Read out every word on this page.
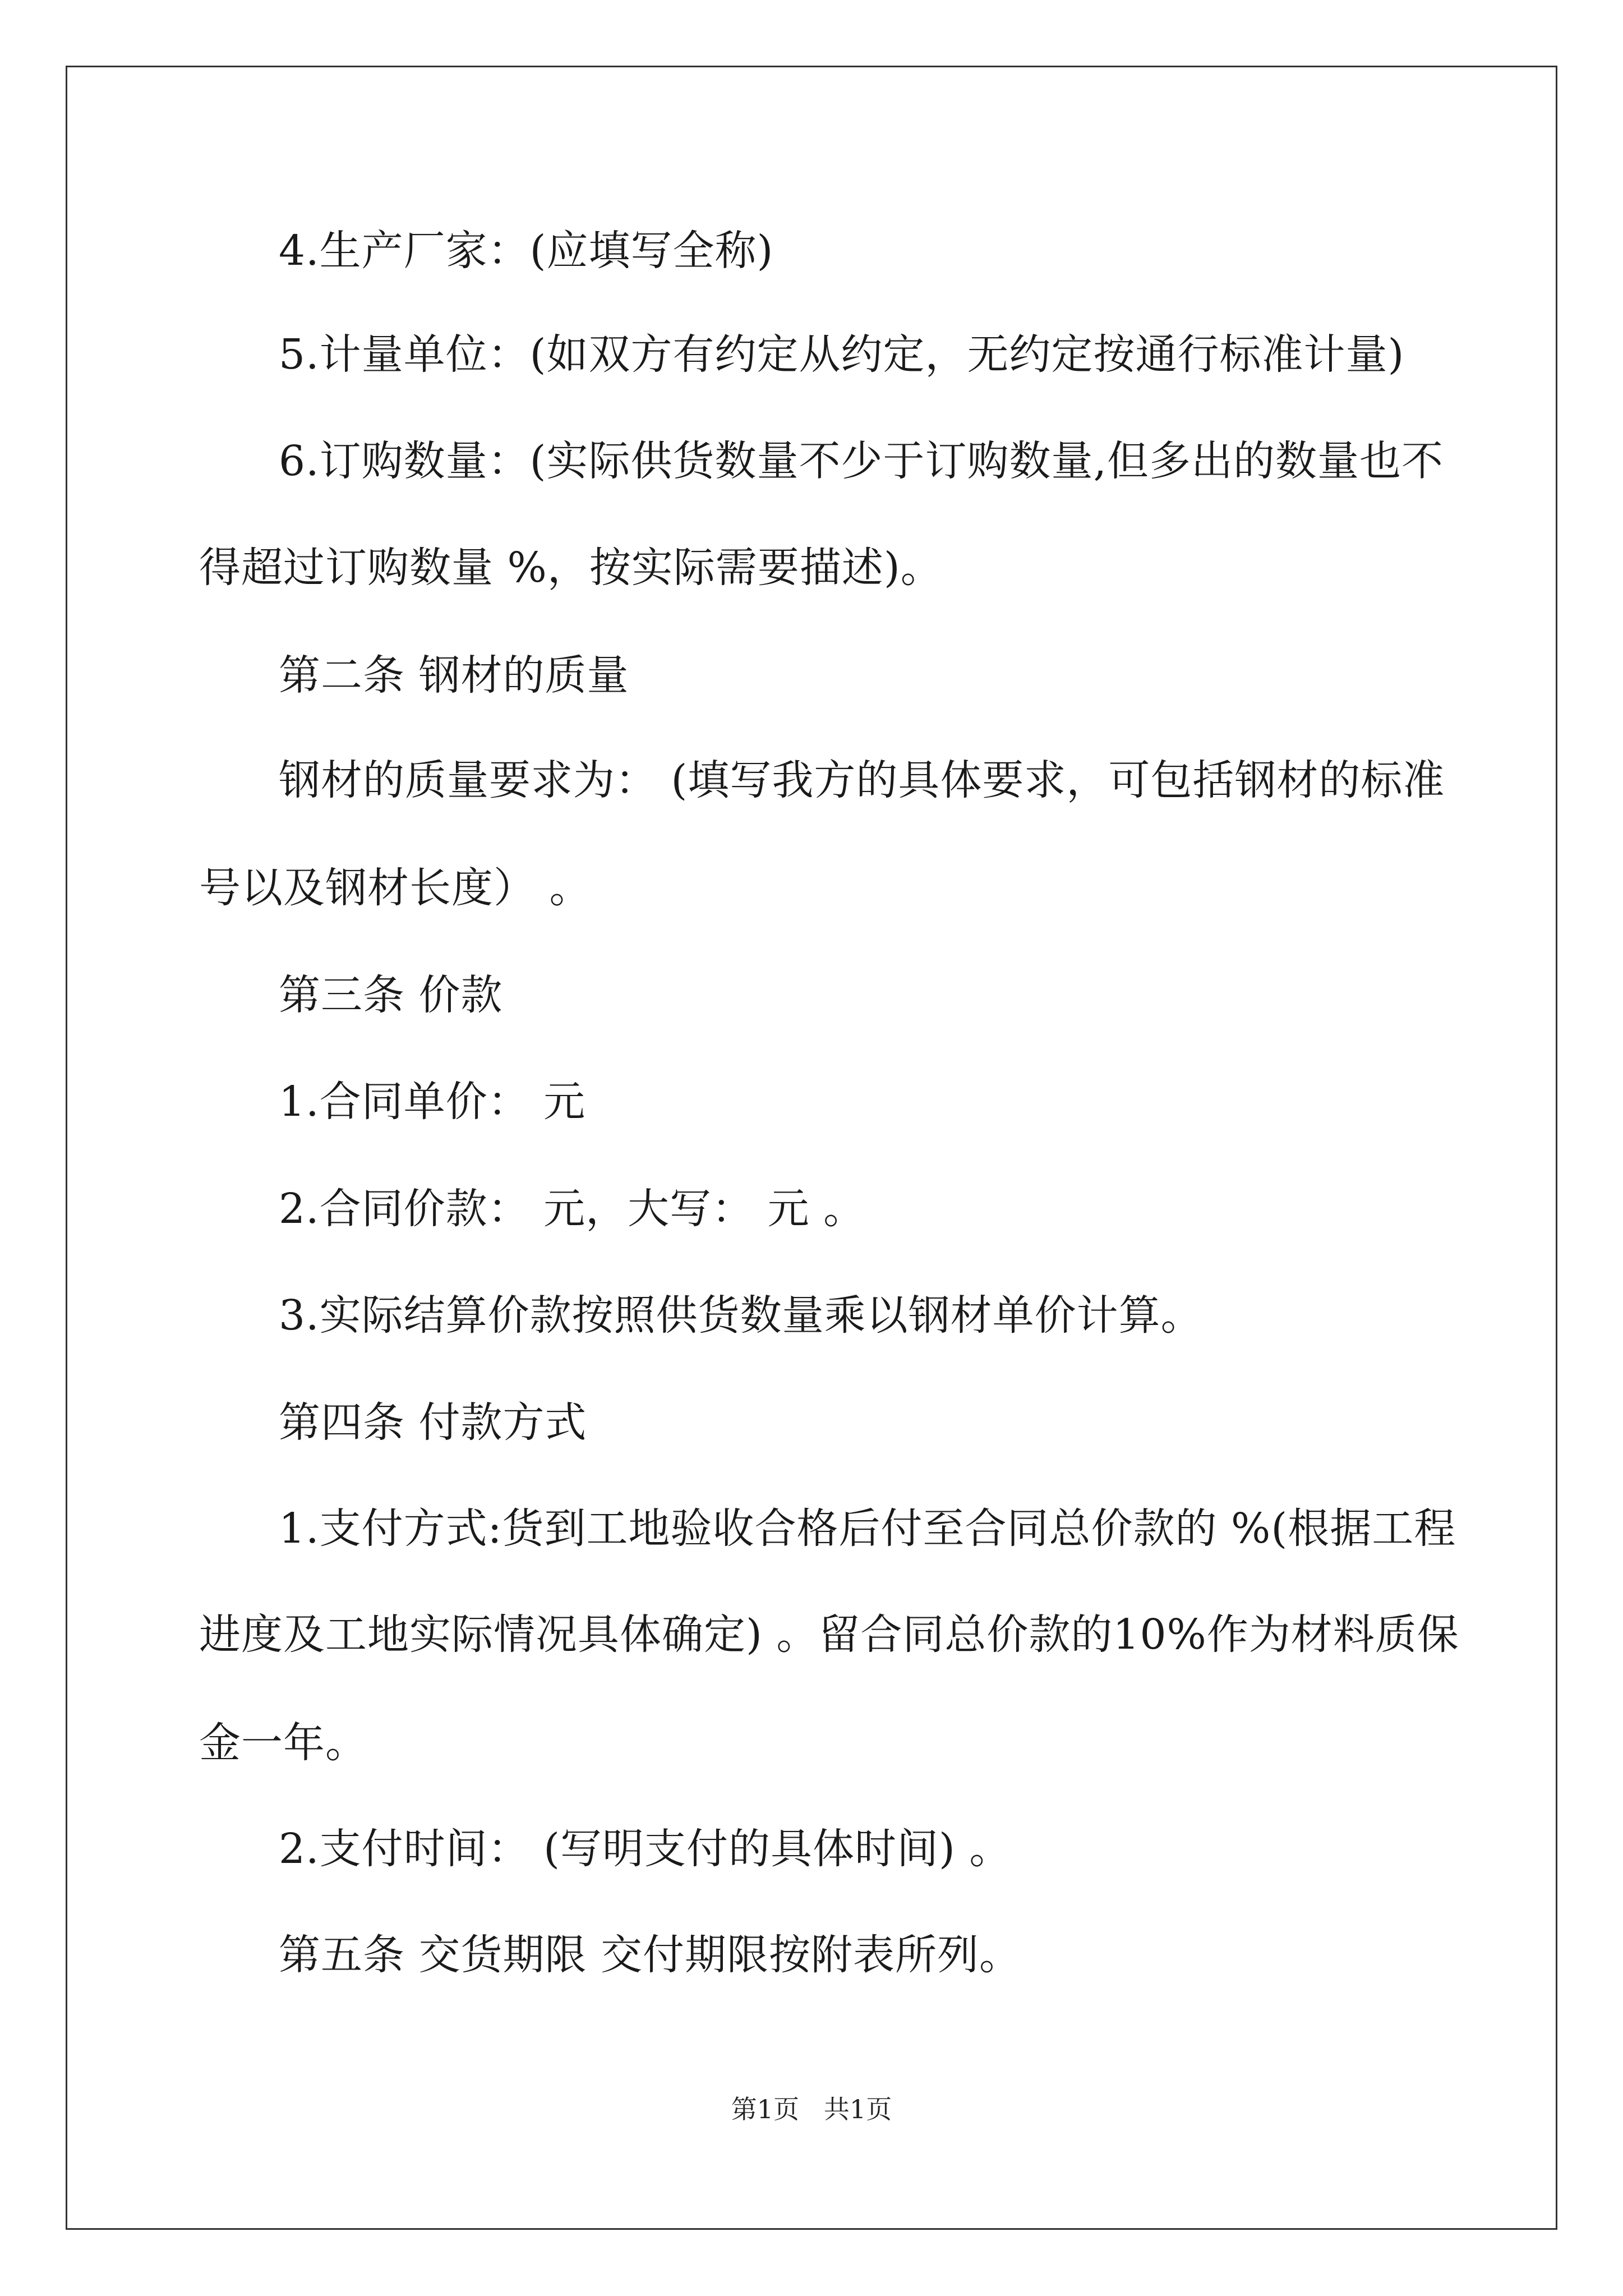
4.生产厂家：(应填写全称)
5.计量单位：(如双方有约定从约定，无约定按通行标准计量)
6.订购数量：(实际供货数量不少于订购数量,但多出的数量也不
得超过订购数量 %，按实际需要描述)。
第二条 钢材的质量
钢材的质量要求为： (填写我方的具体要求，可包括钢材的标准
号以及钢材长度） 。
第三条 价款
1.合同单价： 元
2.合同价款： 元，大写： 元 。
3.实际结算价款按照供货数量乘以钢材单价计算。
第四条 付款方式
1.支付方式:货到工地验收合格后付至合同总价款的 %(根据工程
进度及工地实际情况具体确定) 。留合同总价款的10%作为材料质保
金一年。
2.支付时间： (写明支付的具体时间) 。
第五条 交货期限 交付期限按附表所列。
第1页   共1页
